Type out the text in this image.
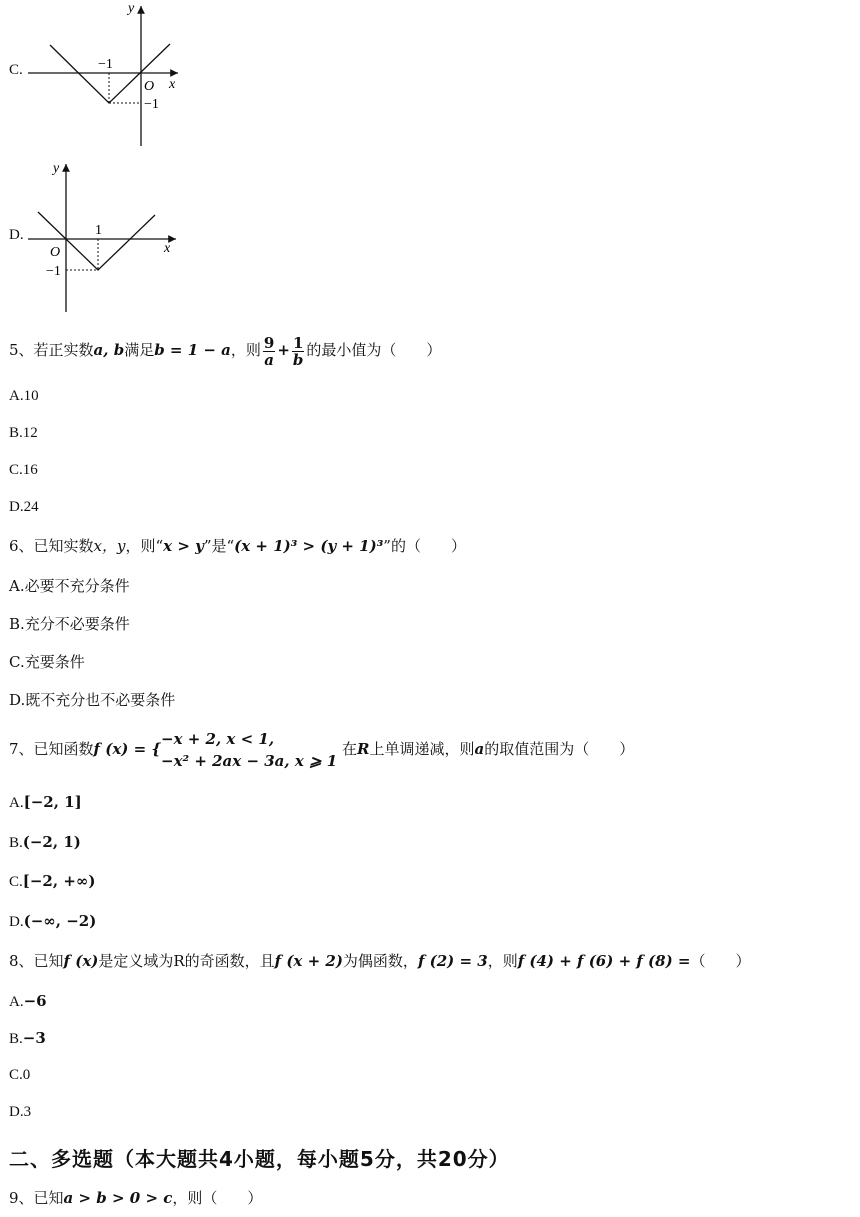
C.
y
x
O
−1
−1
D.
y
x
O
1
−1
5、若正实数a, b满足b = 1 − a，则 $\frac{9}{a} + \frac{1}{b}$ 的最小值为（　　）
A.10
B.12
C.16
D.24
6、已知实数x，y，则“x > y”是“(x + 1)³ > (y + 1)³”的（　　）
A.必要不充分条件
B.充分不必要条件
C.充要条件
D.既不充分也不必要条件
7、已知函数f (x) = {
−x + 2, x < 1,
−x² + 2ax − 3a, x ⩾ 1
在R上单调递减，则a的取值范围为（　　）
A.[−2, 1]
B.(−2, 1)
C.[−2, +∞)
D.(−∞, −2)
8、已知f (x)是定义域为R的奇函数，且f (x + 2)为偶函数，f (2) = 3，则f (4) + f (6) + f (8) =（　　）
A.−6
B.−3
C.0
D.3
二、多选题（本大题共4小题，每小题5分，共20分）
9、已知a > b > 0 > c，则（　　）
